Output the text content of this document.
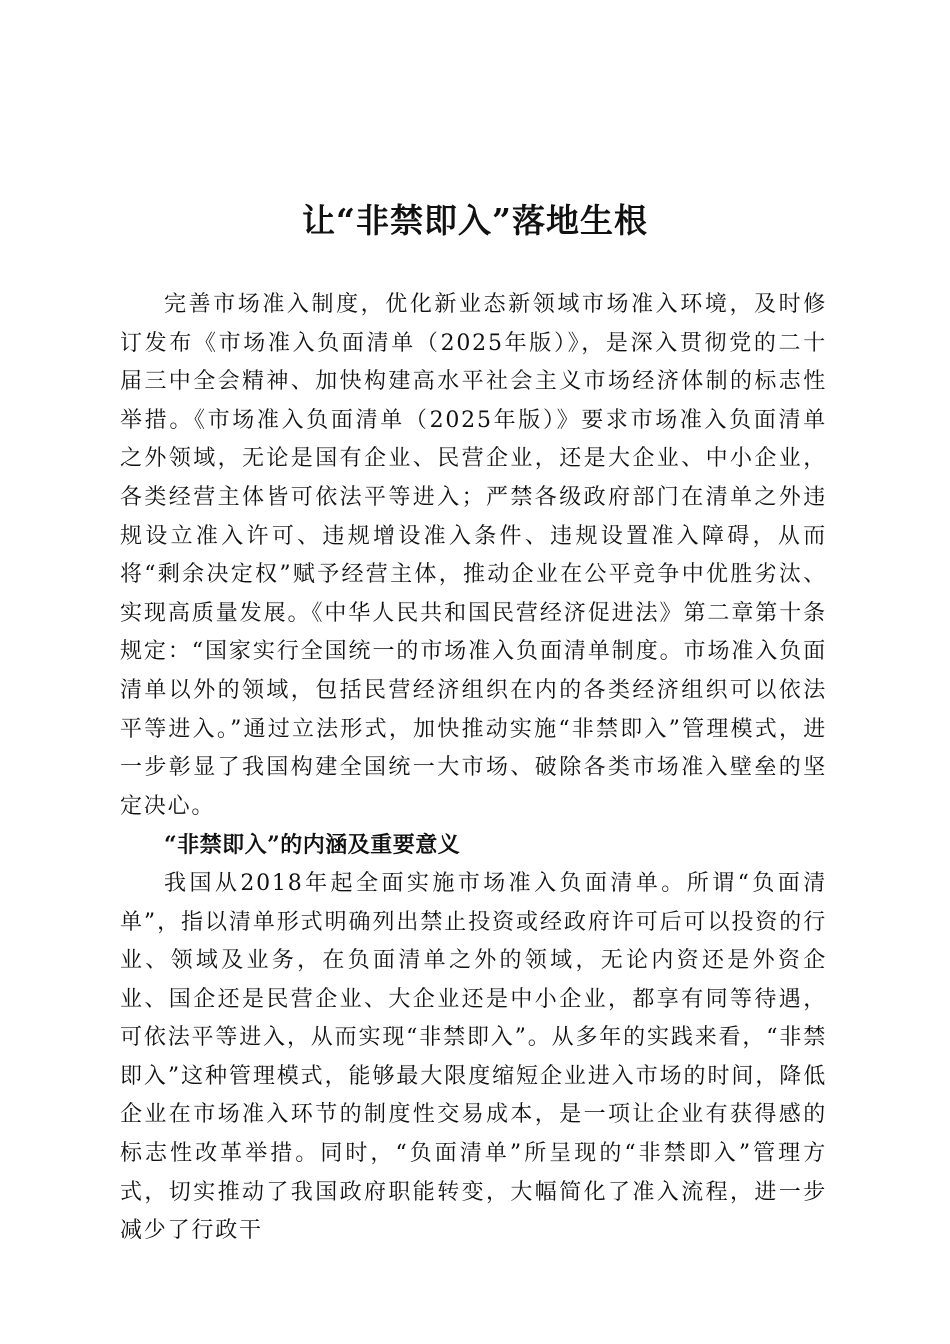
让“非禁即入”落地生根

完善市场准入制度，优化新业态新领域市场准入环境，及时修订发布《市场准入负面清单（2025年版）》，是深入贯彻党的二十届三中全会精神、加快构建高水平社会主义市场经济体制的标志性举措。《市场准入负面清单（2025年版）》要求市场准入负面清单之外领域，无论是国有企业、民营企业，还是大企业、中小企业，各类经营主体皆可依法平等进入；严禁各级政府部门在清单之外违规设立准入许可、违规增设准入条件、违规设置准入障碍，从而将“剩余决定权”赋予经营主体，推动企业在公平竞争中优胜劣汰、实现高质量发展。《中华人民共和国民营经济促进法》第二章第十条规定：“国家实行全国统一的市场准入负面清单制度。市场准入负面清单以外的领域，包括民营经济组织在内的各类经济组织可以依法平等进入。”通过立法形式，加快推动实施“非禁即入”管理模式，进一步彰显了我国构建全国统一大市场、破除各类市场准入壁垒的坚定决心。

“非禁即入”的内涵及重要意义

我国从2018年起全面实施市场准入负面清单。所谓“负面清单”，指以清单形式明确列出禁止投资或经政府许可后可以投资的行业、领域及业务，在负面清单之外的领域，无论内资还是外资企业、国企还是民营企业、大企业还是中小企业，都享有同等待遇，可依法平等进入，从而实现“非禁即入”。从多年的实践来看，“非禁即入”这种管理模式，能够最大限度缩短企业进入市场的时间，降低企业在市场准入环节的制度性交易成本，是一项让企业有获得感的标志性改革举措。同时，“负面清单”所呈现的“非禁即入”管理方式，切实推动了我国政府职能转变，大幅简化了准入流程，进一步减少了行政干
